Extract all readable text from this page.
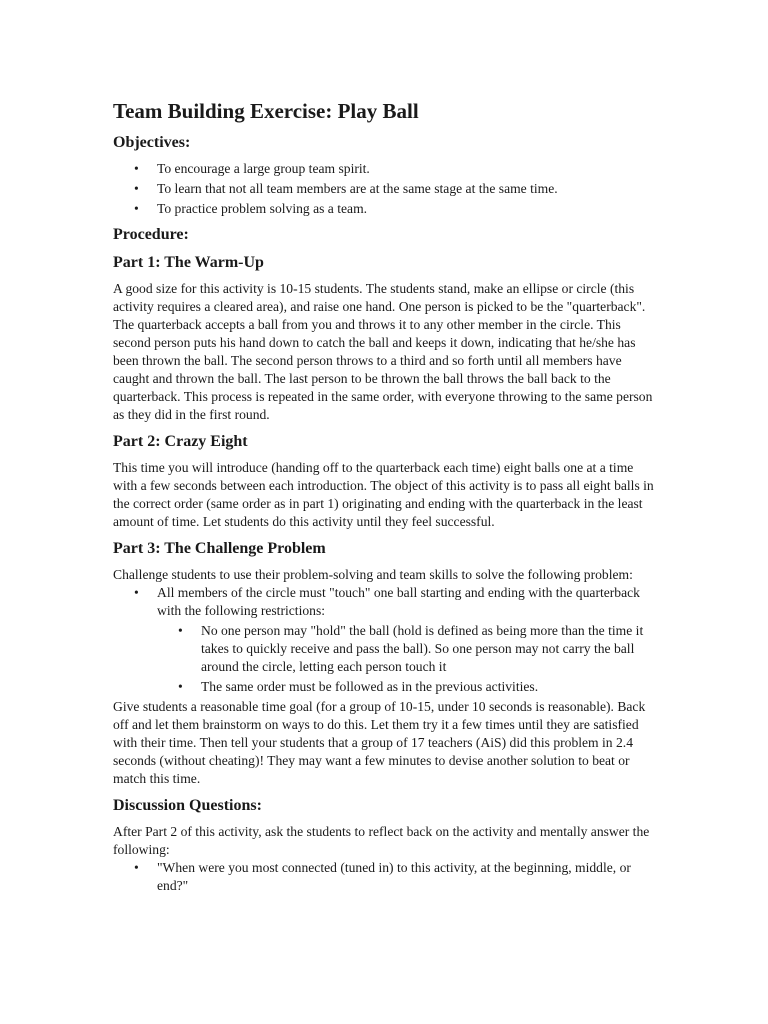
Team Building Exercise: Play Ball
Objectives:
• To encourage a large group team spirit.
• To learn that not all team members are at the same stage at the same time.
• To practice problem solving as a team.
Procedure:
Part 1: The Warm-Up

A good size for this activity is 10-15 students. The students stand, make an ellipse or circle (this activity requires a cleared area), and raise one hand. One person is picked to be the "quarterback". The quarterback accepts a ball from you and throws it to any other member in the circle. This second person puts his hand down to catch the ball and keeps it down, indicating that he/she has been thrown the ball. The second person throws to a third and so forth until all members have caught and thrown the ball. The last person to be thrown the ball throws the ball back to the quarterback. This process is repeated in the same order, with everyone throwing to the same person as they did in the first round.

Part 2: Crazy Eight

This time you will introduce (handing off to the quarterback each time) eight balls one at a time with a few seconds between each introduction. The object of this activity is to pass all eight balls in the correct order (same order as in part 1) originating and ending with the quarterback in the least amount of time. Let students do this activity until they feel successful.

Part 3: The Challenge Problem

Challenge students to use their problem-solving and team skills to solve the following problem:

• All members of the circle must "touch" one ball starting and ending with the quarterback with the following restrictions:
• No one person may "hold" the ball (hold is defined as being more than the time it takes to quickly receive and pass the ball). So one person may not carry the ball around the circle, letting each person touch it
• The same order must be followed as in the previous activities.

Give students a reasonable time goal (for a group of 10-15, under 10 seconds is reasonable). Back off and let them brainstorm on ways to do this. Let them try it a few times until they are satisfied with their time. Then tell your students that a group of 17 teachers (AiS) did this problem in 2.4 seconds (without cheating)! They may want a few minutes to devise another solution to beat or match this time.

Discussion Questions:

After Part 2 of this activity, ask the students to reflect back on the activity and mentally answer the following:

• "When were you most connected (tuned in) to this activity, at the beginning, middle, or end?"
